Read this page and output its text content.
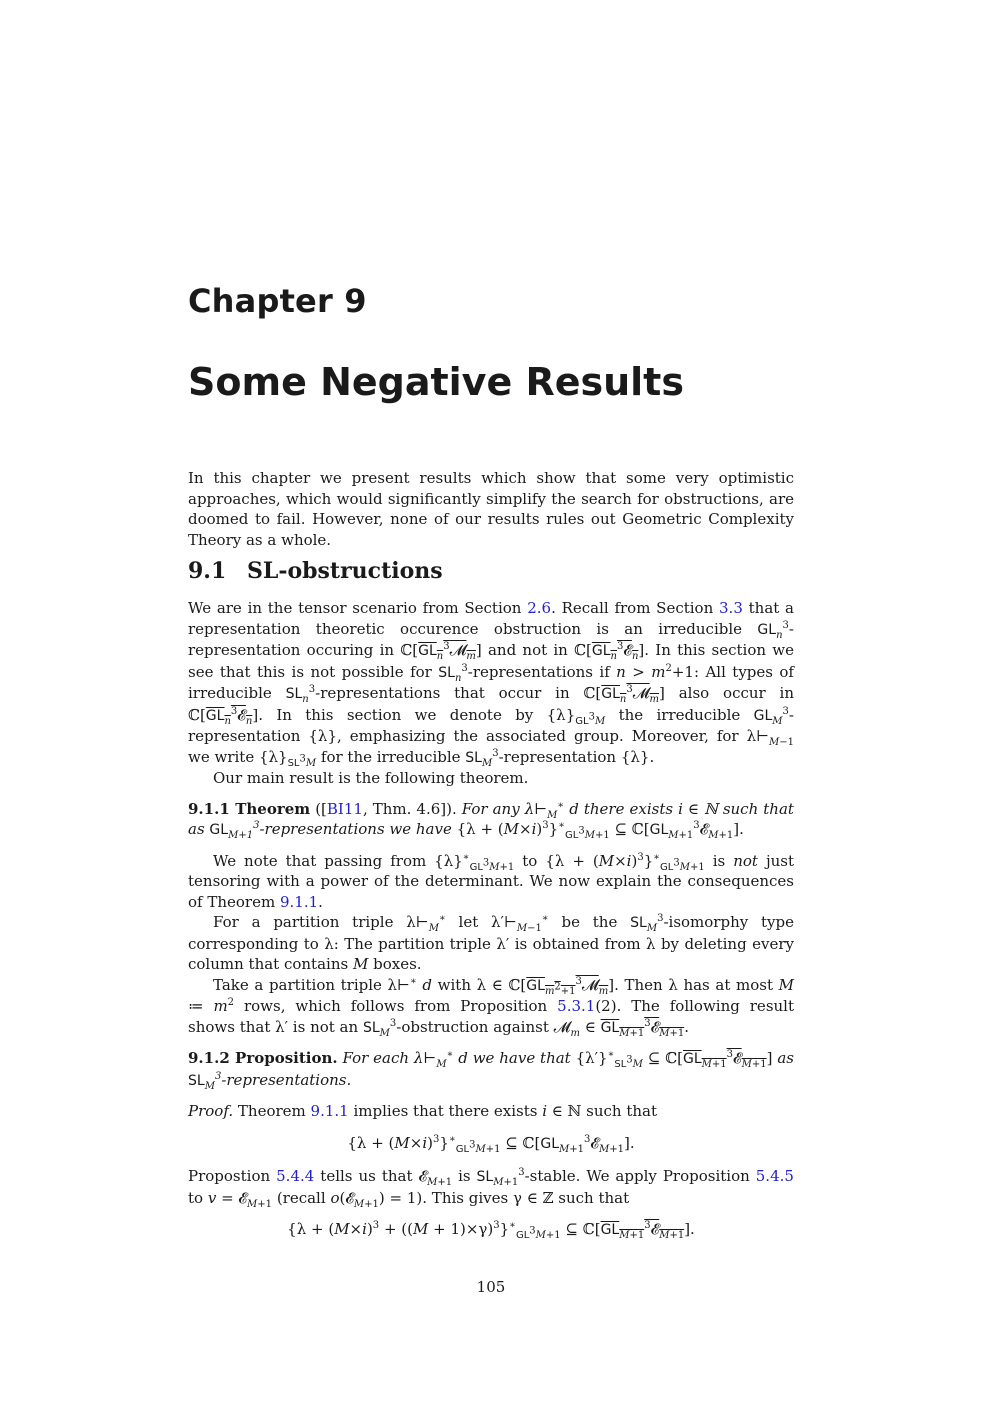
Chapter 9
Some Negative Results
In this chapter we present results which show that some very optimistic approaches, which would significantly simplify the search for obstructions, are doomed to fail. However, none of our results rules out Geometric Complexity Theory as a whole.
9.1 SL-obstructions

We are in the tensor scenario from Section 2.6. Recall from Section 3.3 that a representation theoretic occurence obstruction is an irreducible $GL_n^3$-representation occuring in $ℂ[GL_n^3𝓜_m]$ and not in $ℂ[GL_n^3𝓔_n]$. In this section we see that this is not possible for $SL_n^3$-representations if $n > m^2+1$: All types of irreducible $SL_n^3$-representations that occur in $ℂ[GL_n^3𝓜_m]$ also occur in $ℂ[GL_n^3𝓔_n]$. In this section we denote by $\{\lambda\}_{GL^3M}$ the irreducible $GL_M^3$-representation {λ}, emphasizing the associated group. Moreover, for $\lambda⊢_{M-1}$ we write $\{\lambda\}_{SL^3M}$ for the irreducible $SL_M^3$-representation {λ}.

Our main result is the following theorem.

9.1.1 Theorem ([BI11, Thm. 4.6]). For any $\lambda⊢_M^∗$ d there exists i ∈ ℕ such that as $GL_{M+1}^3$-representations we have $\{\lambda + (M\times i)^3\}^∗_{GL^3M+1}$ ⊆ $ℂ[GL_{M+1}^3𝓔_{M+1}]$.

We note that passing from $\{\lambda\}^∗_{GL^3M+1}$ to $\{\lambda + (M\times i)^3\}^∗_{GL^3M+1}$ is not just tensoring with a power of the determinant. We now explain the consequences of Theorem 9.1.1.

For a partition triple $\lambda⊢_M^∗$ let $\lambda'⊢_{M-1}^∗$ be the $SL_M^3$-isomorphy type corresponding to λ: The partition triple λ′ is obtained from λ by deleting every column that contains M boxes.

Take a partition triple λ⊢∗ d with λ ∈ $ℂ[GL_{m^2+1}^3𝓜_m]$. Then λ has at most M ≔ $m^2$ rows, which follows from Proposition 5.3.1(2). The following result shows that λ′ is not an $SL_M^3$-obstruction against 𝓜$_m$ ∈ $GL_{M+1}^3𝓔_{M+1}$.

9.1.2 Proposition. For each $\lambda⊢_M^∗$ d we have that $\{\lambda'\}^∗_{SL^3M}$ ⊆ $ℂ[GL_{M+1}^3𝓔_{M+1}]$ as $SL_M^3$-representations.

Proof. Theorem 9.1.1 implies that there exists i ∈ ℕ such that

$\{\lambda + (M\times i)^3\}^∗_{GL^3M+1}$ ⊆ $ℂ[GL_{M+1}^3𝓔_{M+1}]$.

Propostion 5.4.4 tells us that 𝓔$_{M+1}$ is $SL_{M+1}^3$-stable. We apply Proposition 5.4.5 to v = 𝓔$_{M+1}$ (recall o(𝓔$_{M+1}$) = 1). This gives γ ∈ ℤ such that

$\{\lambda + (M\times i)^3 + ((M + 1)\times\gamma)^3\}^∗_{GL^3M+1}$ ⊆ $ℂ[GL_{M+1}^3𝓔_{M+1}]$.

105
